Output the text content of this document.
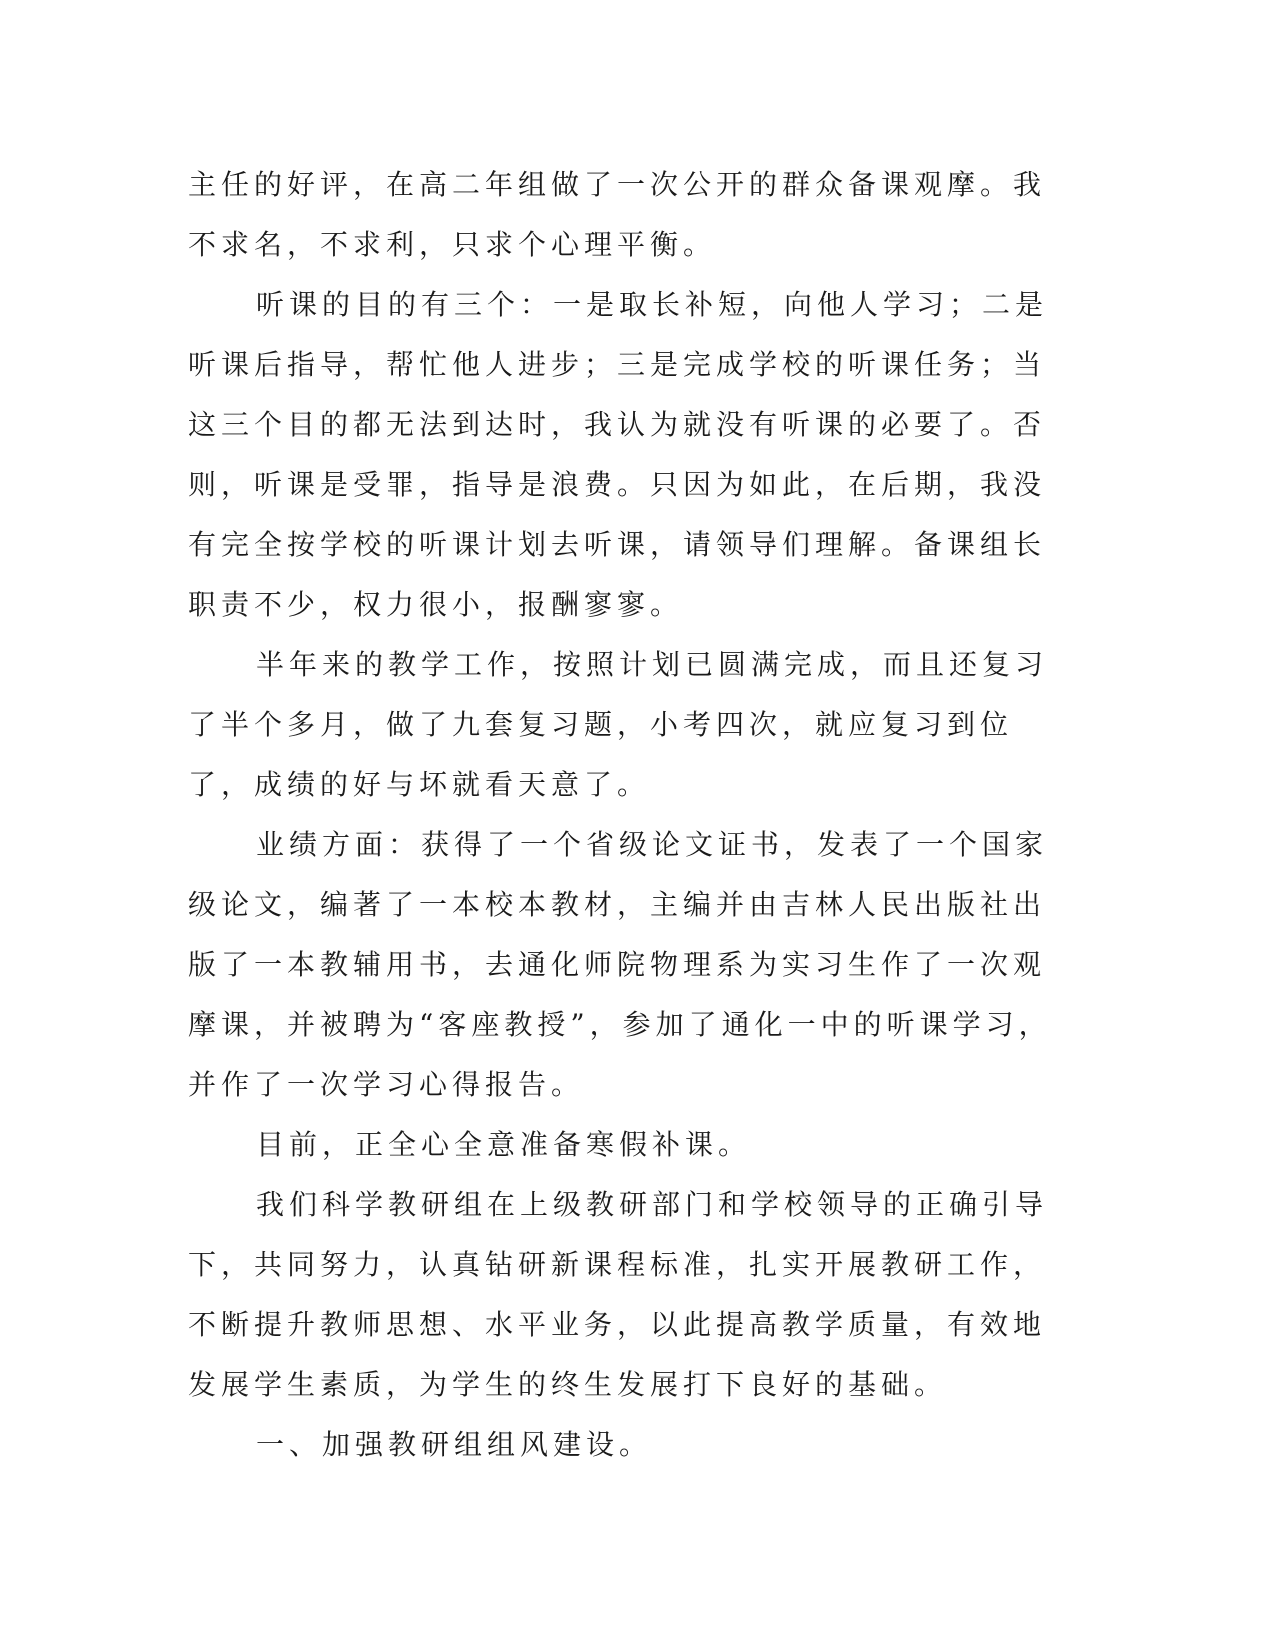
主任的好评，在高二年组做了一次公开的群众备课观摩。我不求名，不求利，只求个心理平衡。

听课的目的有三个：一是取长补短，向他人学习；二是听课后指导，帮忙他人进步；三是完成学校的听课任务；当这三个目的都无法到达时，我认为就没有听课的必要了。否则，听课是受罪，指导是浪费。只因为如此，在后期，我没有完全按学校的听课计划去听课，请领导们理解。备课组长职责不少，权力很小，报酬寥寥。

半年来的教学工作，按照计划已圆满完成，而且还复习了半个多月，做了九套复习题，小考四次，就应复习到位了，成绩的好与坏就看天意了。

业绩方面：获得了一个省级论文证书，发表了一个国家级论文，编著了一本校本教材，主编并由吉林人民出版社出版了一本教辅用书，去通化师院物理系为实习生作了一次观摩课，并被聘为“客座教授”，参加了通化一中的听课学习，并作了一次学习心得报告。

目前，正全心全意准备寒假补课。

我们科学教研组在上级教研部门和学校领导的正确引导下，共同努力，认真钻研新课程标准，扎实开展教研工作，不断提升教师思想、水平业务，以此提高教学质量，有效地发展学生素质，为学生的终生发展打下良好的基础。

一、加强教研组组风建设。
